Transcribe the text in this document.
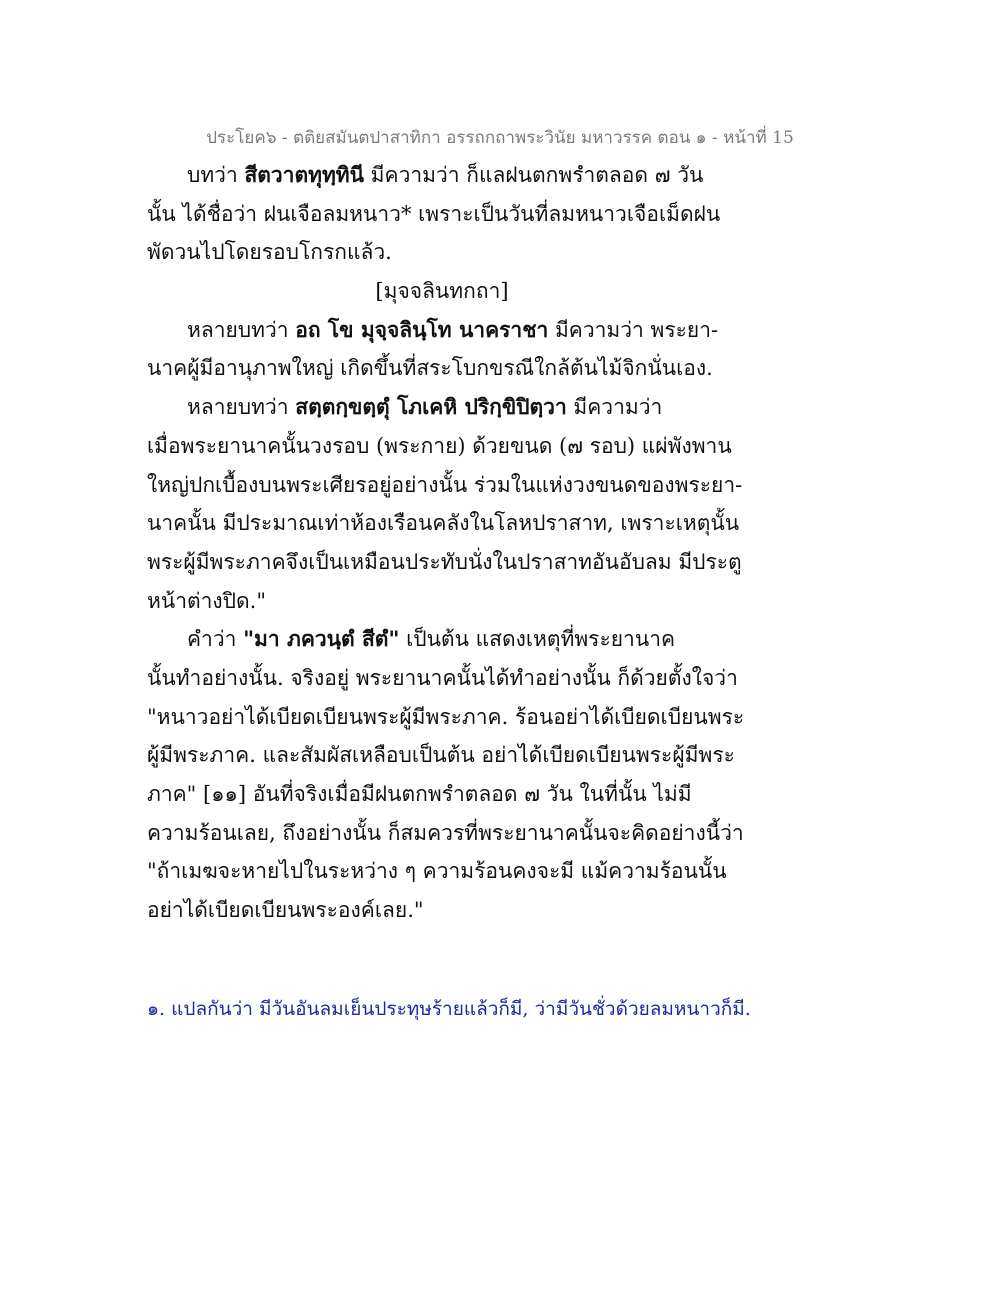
ประโยค๖ - ตติยสมันตปาสาทิกา อรรถกถาพระวินัย มหาวรรค ตอน ๑ - หน้าที่ 15
บทว่า สีตวาตทุทฺทินี มีความว่า ก็แลฝนตกพรำตลอด ๗ วัน
นั้น ได้ชื่อว่า ฝนเจือลมหนาว* เพราะเป็นวันที่ลมหนาวเจือเม็ดฝน
พัดวนไปโดยรอบโกรกแล้ว.
[มุจจลินทกถา]
หลายบทว่า อถ โข มุจฺจลินฺโท นาคราชา มีความว่า พระยา-
นาคผู้มีอานุภาพใหญ่ เกิดขึ้นที่สระโบกขรณีใกล้ต้นไม้จิกนั่นเอง.
หลายบทว่า สตฺตกฺขตฺตุํ โภเคหิ ปริกฺขิปิตฺวา มีความว่า
เมื่อพระยานาคนั้นวงรอบ (พระกาย) ด้วยขนด (๗ รอบ) แผ่พังพาน
ใหญ่ปกเบื้องบนพระเศียรอยู่อย่างนั้น ร่วมในแห่งวงขนดของพระยา-
นาคนั้น มีประมาณเท่าห้องเรือนคลังในโลหปราสาท, เพราะเหตุนั้น
พระผู้มีพระภาคจึงเป็นเหมือนประทับนั่งในปราสาทอันอับลม มีประตู
หน้าต่างปิด."
คำว่า "มา ภควนฺตํ สีตํ" เป็นต้น แสดงเหตุที่พระยานาค
นั้นทำอย่างนั้น. จริงอยู่ พระยานาคนั้นได้ทำอย่างนั้น ก็ด้วยตั้งใจว่า
"หนาวอย่าได้เบียดเบียนพระผู้มีพระภาค. ร้อนอย่าได้เบียดเบียนพระ
ผู้มีพระภาค. และสัมผัสเหลือบเป็นต้น อย่าได้เบียดเบียนพระผู้มีพระ
ภาค" [๑๑] อันที่จริงเมื่อมีฝนตกพรำตลอด ๗ วัน ในที่นั้น ไม่มี
ความร้อนเลย, ถึงอย่างนั้น ก็สมควรที่พระยานาคนั้นจะคิดอย่างนี้ว่า
"ถ้าเมฆจะหายไปในระหว่าง ๆ ความร้อนคงจะมี แม้ความร้อนนั้น
อย่าได้เบียดเบียนพระองค์เลย."
๑. แปลกันว่า มีวันอันลมเย็นประทุษร้ายแล้วก็มี, ว่ามีวันชั่วด้วยลมหนาวก็มี.
